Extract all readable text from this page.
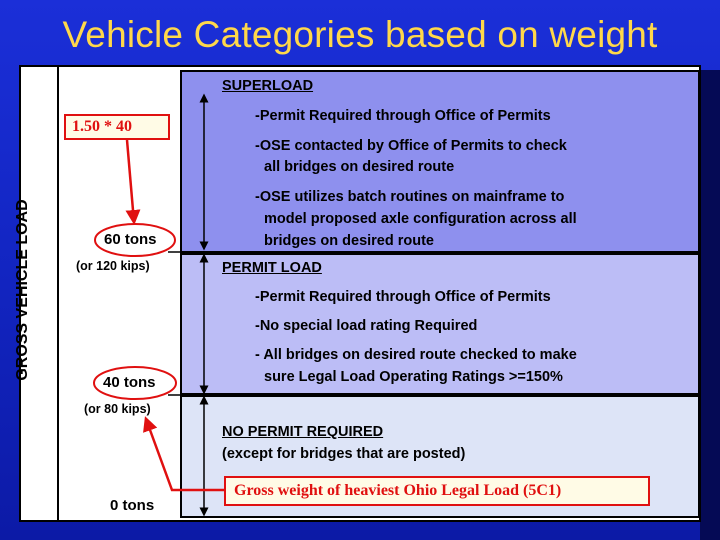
Vehicle Categories based on weight
GROSS VEHICLE LOAD
SUPERLOAD
-Permit Required through Office of Permits
-OSE contacted by Office of Permits to check
all bridges on desired route
-OSE utilizes batch routines on mainframe to
model proposed axle configuration across all
bridges on desired route
PERMIT LOAD
-Permit Required through Office of Permits
-No special load rating Required
- All bridges on desired route checked to make
sure Legal Load Operating Ratings >=150%
NO PERMIT REQUIRED
(except for bridges that are posted)
60 tons
(or 120 kips)
40 tons
(or 80 kips)
0 tons
1.50 * 40
Gross weight of heaviest Ohio Legal Load (5C1)
